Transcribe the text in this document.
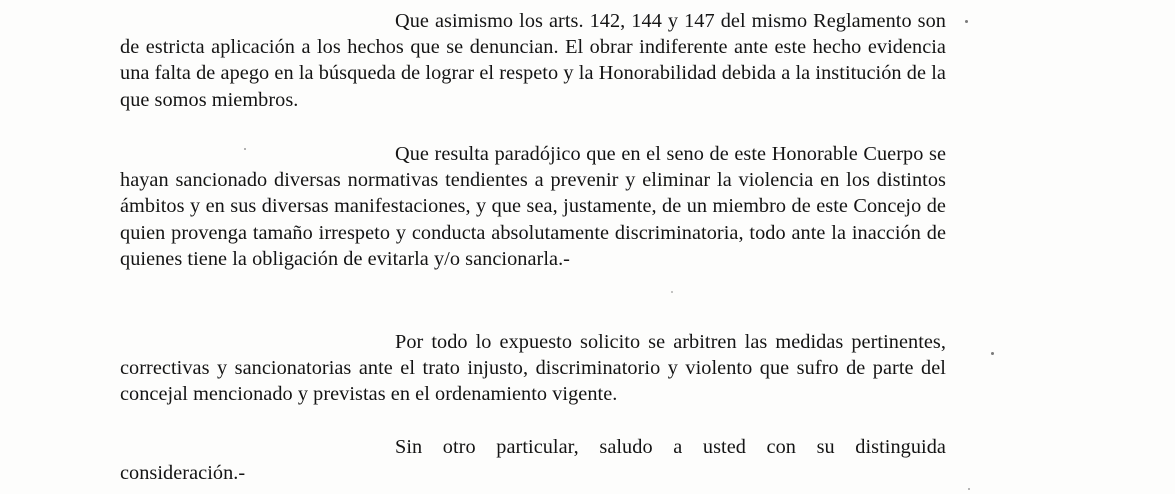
Que asimismo los arts. 142, 144 y 147 del mismo Reglamento son de estricta aplicación a los hechos que se denuncian. El obrar indiferente ante este hecho evidencia una falta de apego en la búsqueda de lograr el respeto y la Honorabilidad debida a la institución de la que somos miembros.

Que resulta paradójico que en el seno de este Honorable Cuerpo se hayan sancionado diversas normativas tendientes a prevenir y eliminar la violencia en los distintos ámbitos y en sus diversas manifestaciones, y que sea, justamente, de un miembro de este Concejo de quien provenga tamaño irrespeto y conducta absolutamente discriminatoria, todo ante la inacción de quienes tiene la obligación de evitarla y/o sancionarla.-

Por todo lo expuesto solicito se arbitren las medidas pertinentes, correctivas y sancionatorias ante el trato injusto, discriminatorio y violento que sufro de parte del concejal mencionado y previstas en el ordenamiento vigente.

Sin otro particular, saludo a usted con su distinguida consideración.-
